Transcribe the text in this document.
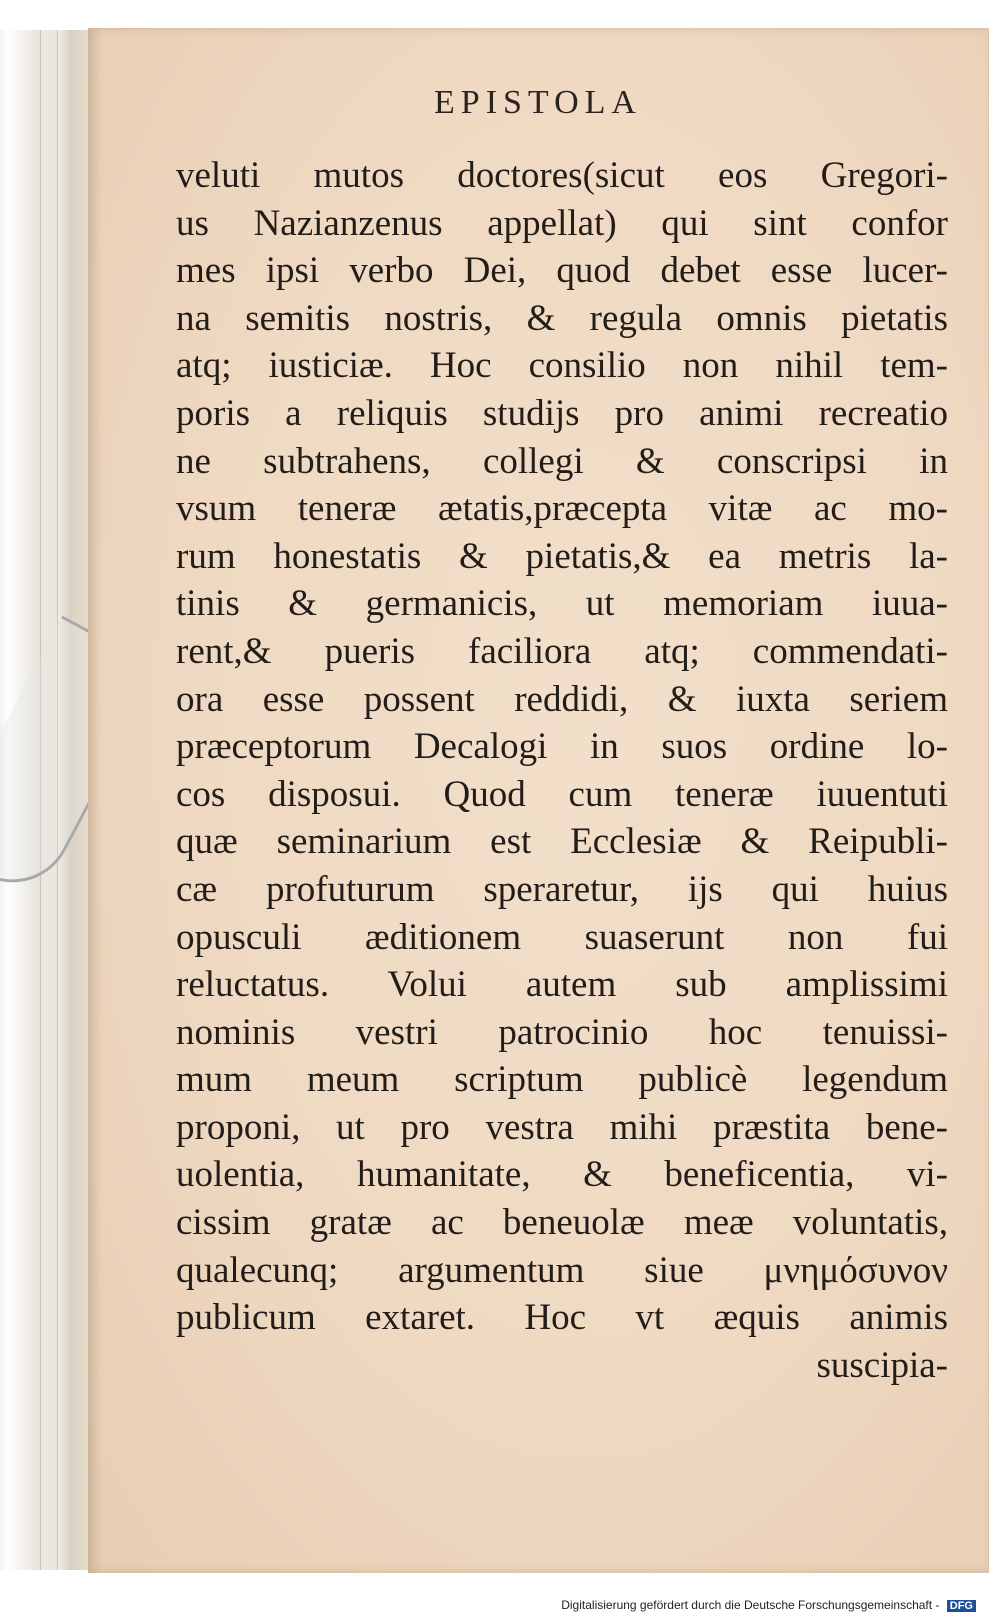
EPISTOLA
veluti mutos doctores(sicut eos Gregori-
us Nazianzenus appellat) qui sint confor
mes ipsi verbo Dei, quod debet esse lucer-
na semitis nostris, & regula omnis pietatis
atq; iusticiæ. Hoc consilio non nihil tem-
poris a reliquis studijs pro animi recreatio
ne subtrahens, collegi & conscripsi in
vsum teneræ ætatis,præcepta vitæ ac mo-
rum honestatis & pietatis,& ea metris la-
tinis & germanicis, ut memoriam iuua-
rent,& pueris faciliora atq; commendati-
ora esse possent reddidi, & iuxta seriem
præceptorum Decalogi in suos ordine lo-
cos disposui. Quod cum teneræ iuuentuti
quæ seminarium est Ecclesiæ & Reipubli-
cæ profuturum speraretur, ijs qui huius
opusculi æditionem suaserunt non fui
reluctatus. Volui autem sub amplissimi
nominis vestri patrocinio hoc tenuissi-
mum meum scriptum publicè legendum
proponi, ut pro vestra mihi præstita bene-
uolentia, humanitate, & beneficentia, vi-
cissim gratæ ac beneuolæ meæ voluntatis,
qualecunq; argumentum siue μνημόσυνον
publicum extaret. Hoc vt æquis animis
suscipia-
Digitalisierung gefördert durch die Deutsche Forschungsgemeinschaft - DFG
